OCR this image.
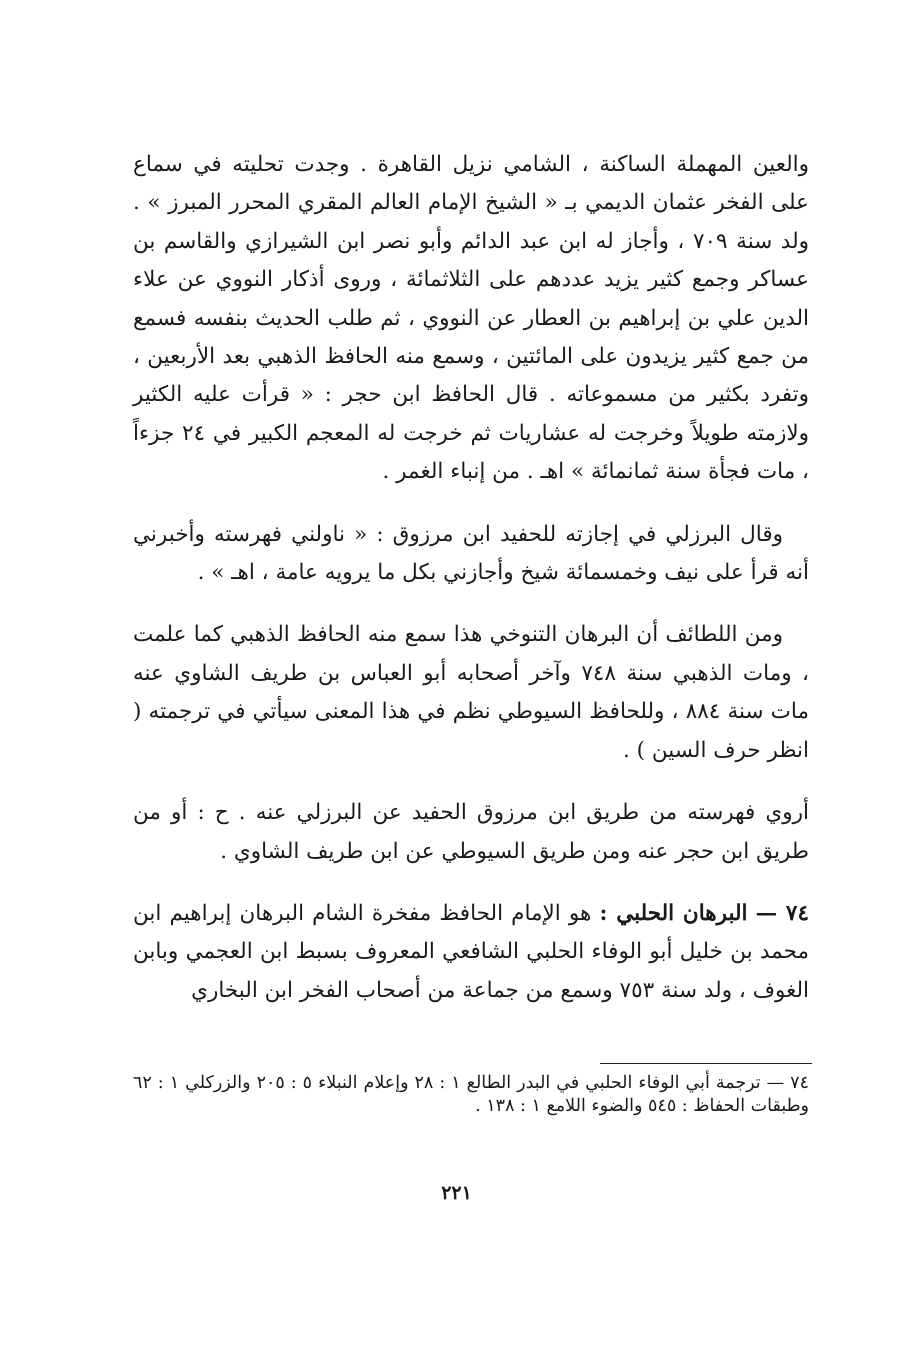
والعين المهملة الساكنة ، الشامي نزيل القاهرة . وجدت تحليته في سماع على الفخر عثمان الديمي بـ « الشيخ الإمام العالم المقري المحرر المبرز » . ولد سنة ٧٠٩ ، وأجاز له ابن عبد الدائم وأبو نصر ابن الشيرازي والقاسم بن عساكر وجمع كثير يزيد عددهم على الثلاثمائة ، وروى أذكار النووي عن علاء الدين علي بن إبراهيم بن العطار عن النووي ، ثم طلب الحديث بنفسه فسمع من جمع كثير يزيدون على المائتين ، وسمع منه الحافظ الذهبي بعد الأربعين ، وتفرد بكثير من مسموعاته . قال الحافظ ابن حجر : « قرأت عليه الكثير ولازمته طويلاً وخرجت له عشاريات ثم خرجت له المعجم الكبير في ٢٤ جزءاً ، مات فجأة سنة ثمانمائة » اهـ . من إنباء الغمر .

وقال البرزلي في إجازته للحفيد ابن مرزوق : « ناولني فهرسته وأخبرني أنه قرأ على نيف وخمسمائة شيخ وأجازني بكل ما يرويه عامة ، اهـ » .

ومن اللطائف أن البرهان التنوخي هذا سمع منه الحافظ الذهبي كما علمت ، ومات الذهبي سنة ٧٤٨ وآخر أصحابه أبو العباس بن طريف الشاوي عنه مات سنة ٨٨٤ ، وللحافظ السيوطي نظم في هذا المعنى سيأتي في ترجمته ( انظر حرف السين ) .

أروي فهرسته من طريق ابن مرزوق الحفيد عن البرزلي عنه . ح : أو من طريق ابن حجر عنه ومن طريق السيوطي عن ابن طريف الشاوي .

٧٤ — البرهان الحلبي : هو الإمام الحافظ مفخرة الشام البرهان إبراهيم ابن محمد بن خليل أبو الوفاء الحلبي الشافعي المعروف بسبط ابن العجمي وبابن الغوف ، ولد سنة ٧٥٣ وسمع من جماعة من أصحاب الفخر ابن البخاري

٧٤ — ترجمة أبي الوفاء الحلبي في البدر الطالع ١ : ٢٨ وإعلام النبلاء ٥ : ٢٠٥ والزركلي ١ : ٦٢ وطبقات الحفاظ : ٥٤٥ والضوء اللامع ١ : ١٣٨ .

٢٢١
